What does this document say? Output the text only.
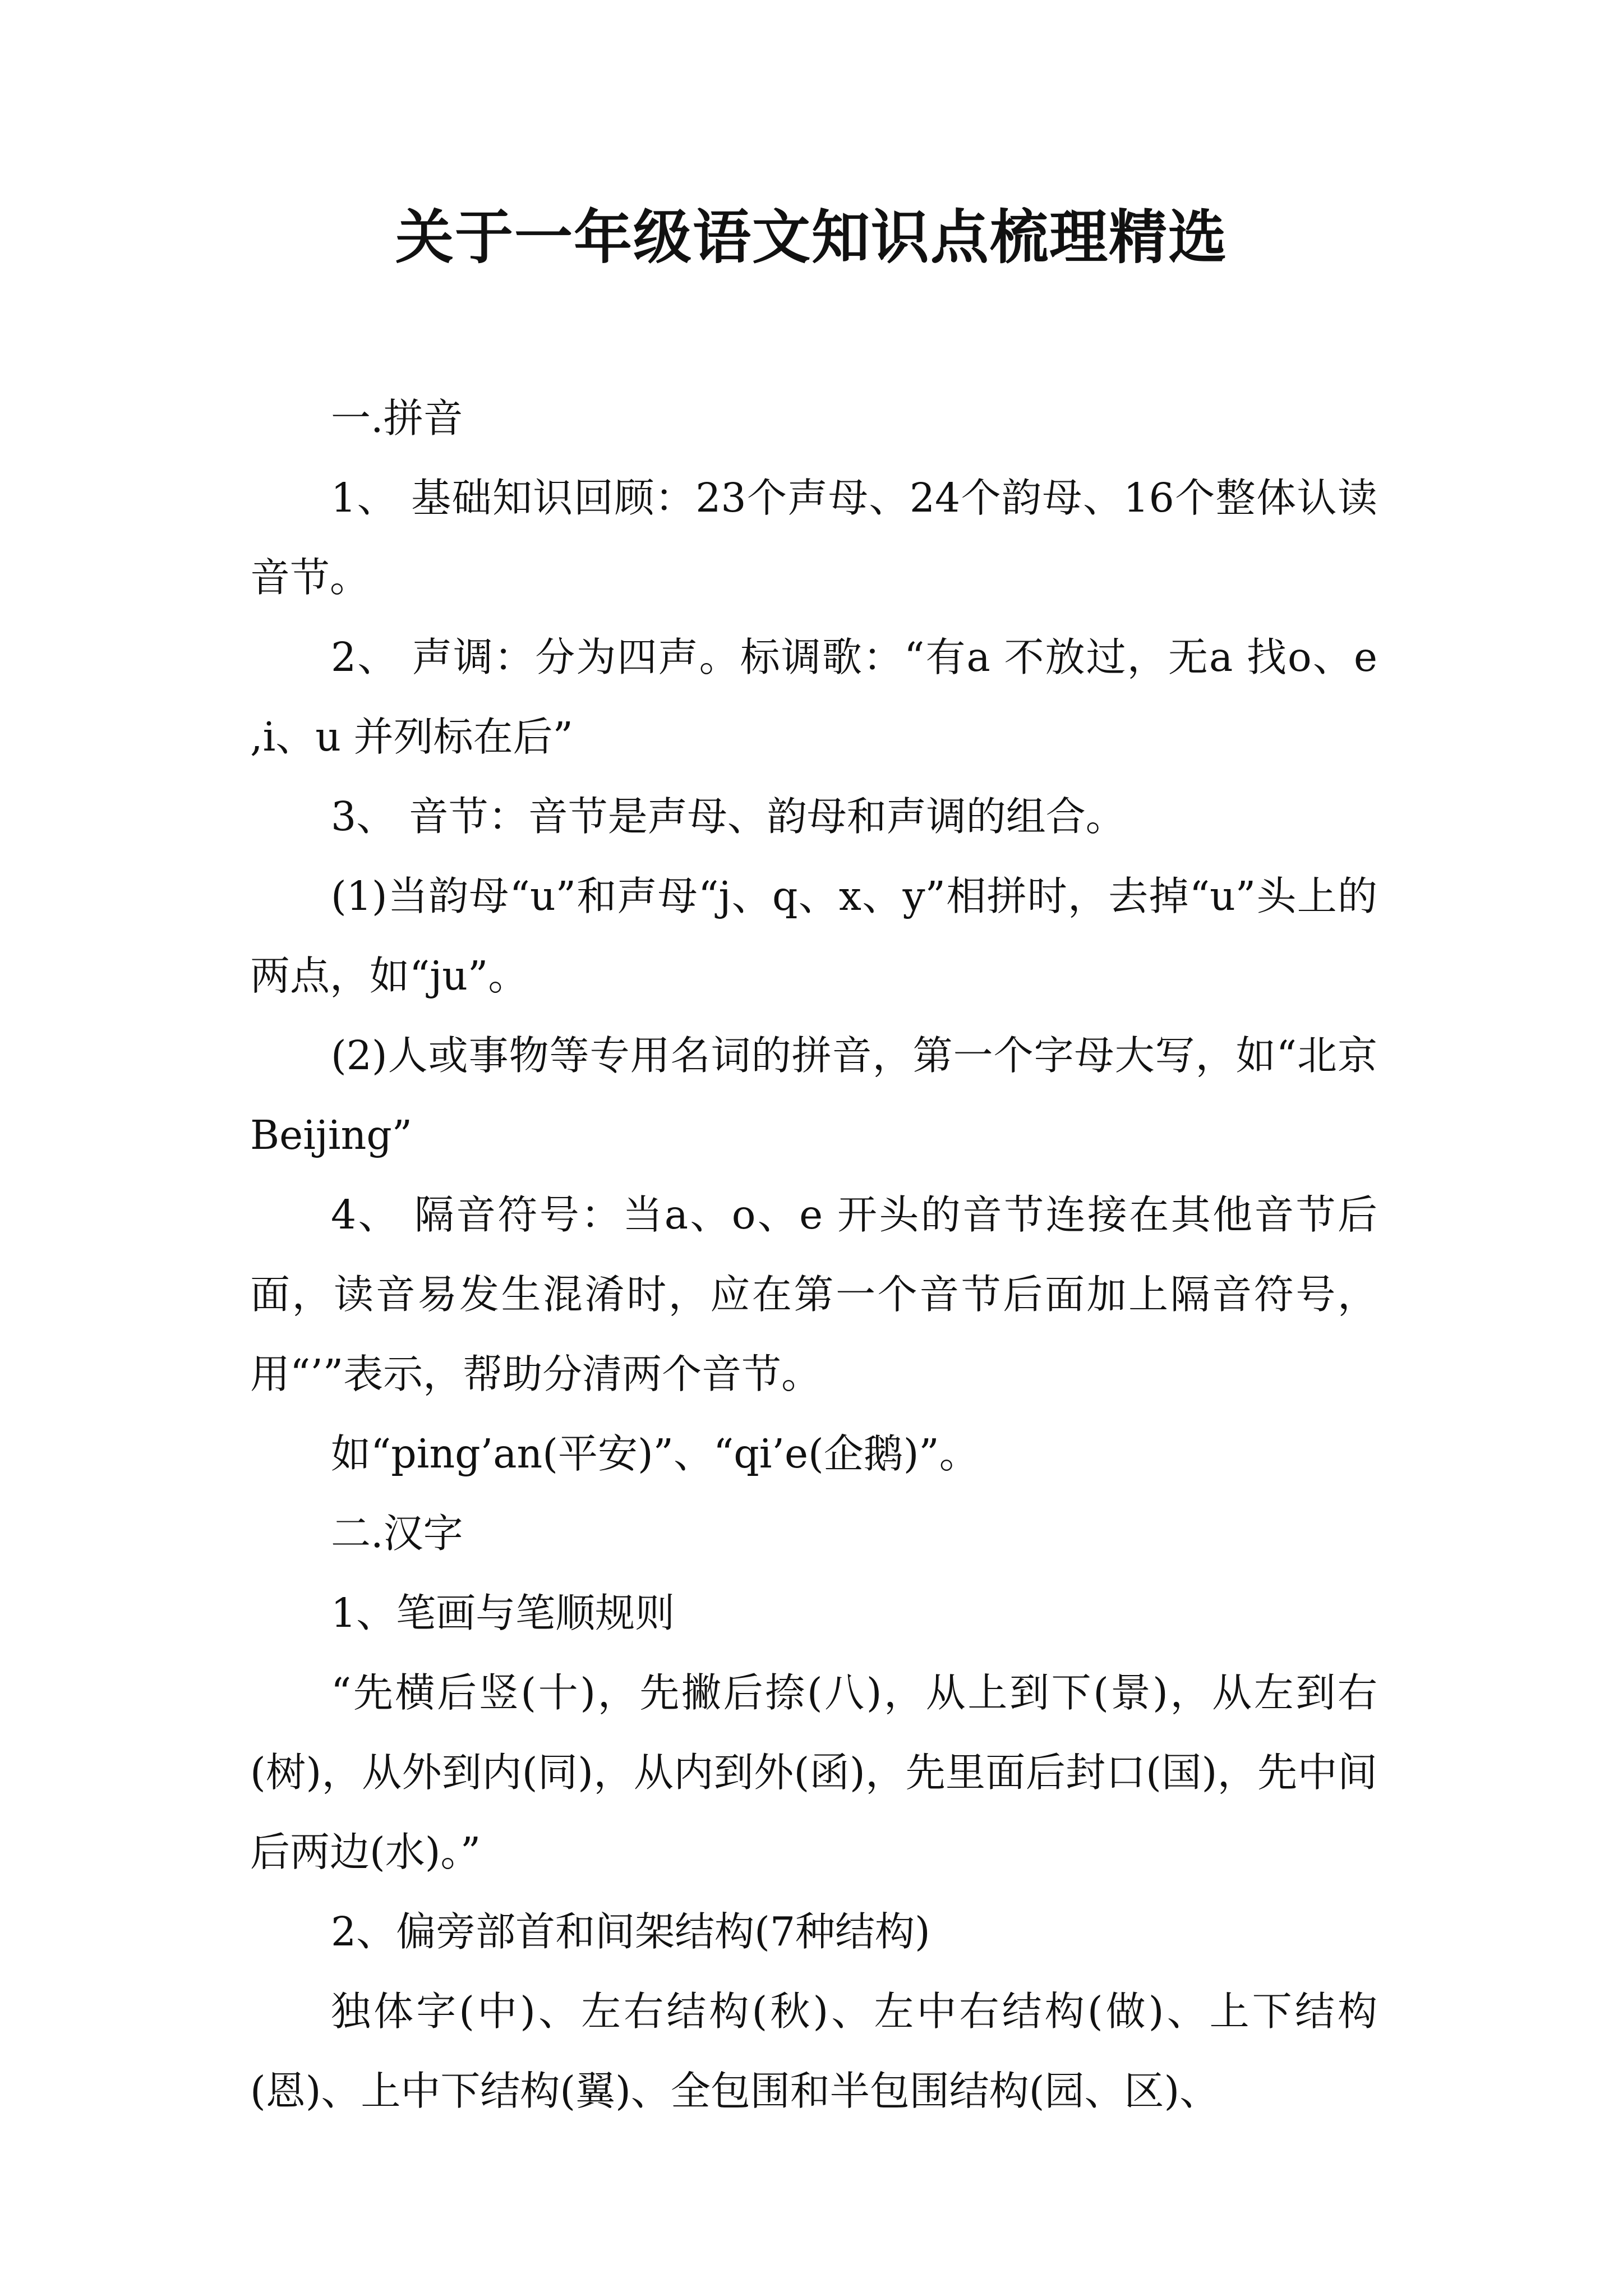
关于一年级语文知识点梳理精选

一.拼音

1、 基础知识回顾：23个声母、24个韵母、16个整体认读音节。

2、 声调：分为四声。标调歌：“有a 不放过，无a 找o、e ,i、u 并列标在后”

3、 音节：音节是声母、韵母和声调的组合。

(1)当韵母“u”和声母“j、q、x、y”相拼时，去掉“u”头上的两点，如“ju”。

(2)人或事物等专用名词的拼音，第一个字母大写，如“北京 Beijing”

4、 隔音符号：当a、o、e 开头的音节连接在其他音节后面，读音易发生混淆时，应在第一个音节后面加上隔音符号，用“’”表示，帮助分清两个音节。

如“ping’an(平安)”、“qi’e(企鹅)”。

二.汉字

1、笔画与笔顺规则

“先横后竖(十)，先撇后捺(八)，从上到下(景)，从左到右(树)，从外到内(同)，从内到外(函)，先里面后封口(国)，先中间后两边(水)。”

2、偏旁部首和间架结构(7种结构)

独体字(中)、左右结构(秋)、左中右结构(做)、上下结构(恩)、上中下结构(翼)、全包围和半包围结构(园、区)、
